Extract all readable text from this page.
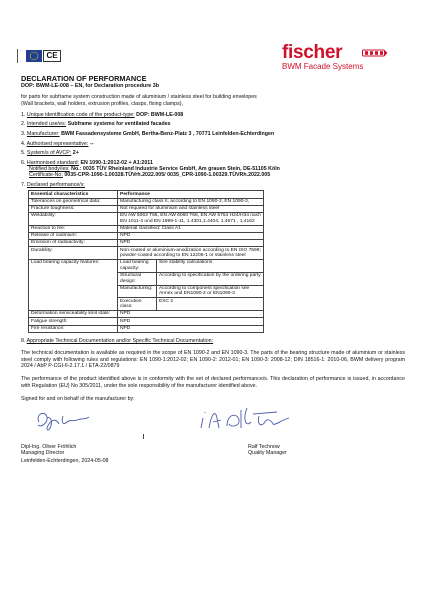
CE	fischer
BWM Facade Systems
DECLARATION OF PERFORMANCE

DOP: BWM-LE-008 – EN, for Declaration procedure 3b

for parts for subframe system construction made of aluminium / stainless steel for building envelopes

(Wall brackets, wall holders, extrusion profiles, clasps, fixing clamps),

1. Unique identification code of the product-type: DOP: BWM-LE-008
2. Intended use/es: Subframe systems for ventilated facades
3. Manufacturer: BWM Fassadensysteme GmbH, Bertha-Benz-Platz 3 , 70771 Leinfelden-Echterdingen
4. Authorised representative: --
5. System/s of AVCP: 2+
6. Harmonised standard: EN 1090-1:2012-02 + A1:2011
Notified body/ies: No.: 0035 TÜV Rheinland Industrie Service GmbH, Am grauen Stein, DE-51105 Köln
Certificate-No: 0035-CPR-1090-1.00328.TÜVrh.2022.005/ 0035_CPR-1090-1.00329.TÜVRh.2022.005
7. Declared performance/s:
Essential characteristics	Performance	
Tolerances on geometrical data:	Manufacturing class II, according to EN 1090-2, EN 1090-3,	
Fracture toughness:	Not required for aluminium and stainless steel	
Weldability:	EN AW 6063 T66, EN AW 6060 T66, EN AW 5754 H24/H34 nach EN 1011-4 und EN 1999-1-11, 1.4301,1.4404, 1.4571 , 1.4162	
Reaction to fire:	Material classified: Class A1	
Release of cadmium:	NPD	
Emission of radioactivity:	NPD	
Durability:	Non-coated or aluminium-anodization according to EN ISO 7599; powder-coated according to EN 12206-1 or stainless steel	
Load bearing capacity features:	Load bearing capacity:	See stability calculations
	Structural design:	According to specification by the ordering party
	Manufacturing:	According to component specification see Annex and EN1090-2 or EN1090-3
	Execution class:	EXC 2
Deformation serviceability limit state:	NPD	
Fatigue strength:	NPD	
Fire resistance:	NPD	
8. Appropriate Technical Documentation and/or Specific Technical Documentation:

The technical documentation is available as required in the scope of EN 1090-2 and EN 1090-3. The parts of the bearing structure made of aluminium or stainless steel comply with following rules and regulations: EN 1090-1:2012-02; EN 1090-2: 2012-01; EN 1090-3: 2008-12; DIN 18516-1: 2010-06, BWM delivery program 2024 / AbP P-CGI-II-2.17.1 / ETA-22/0879

The performance of the product identified above is in conformity with the set of declared performance/s. This declaration of performance is issued, in accordance with Regulation (EU) No 305/2011, under the sole responsibility of the manufacturer identified above.

Signed for and on behalf of the manufacturer by:

Dipl-Ing. Oliver Fröhlich
Managing Director
Ralf Technow
Quality Manager

Leinfelden-Echterdingen, 2024-05-08
